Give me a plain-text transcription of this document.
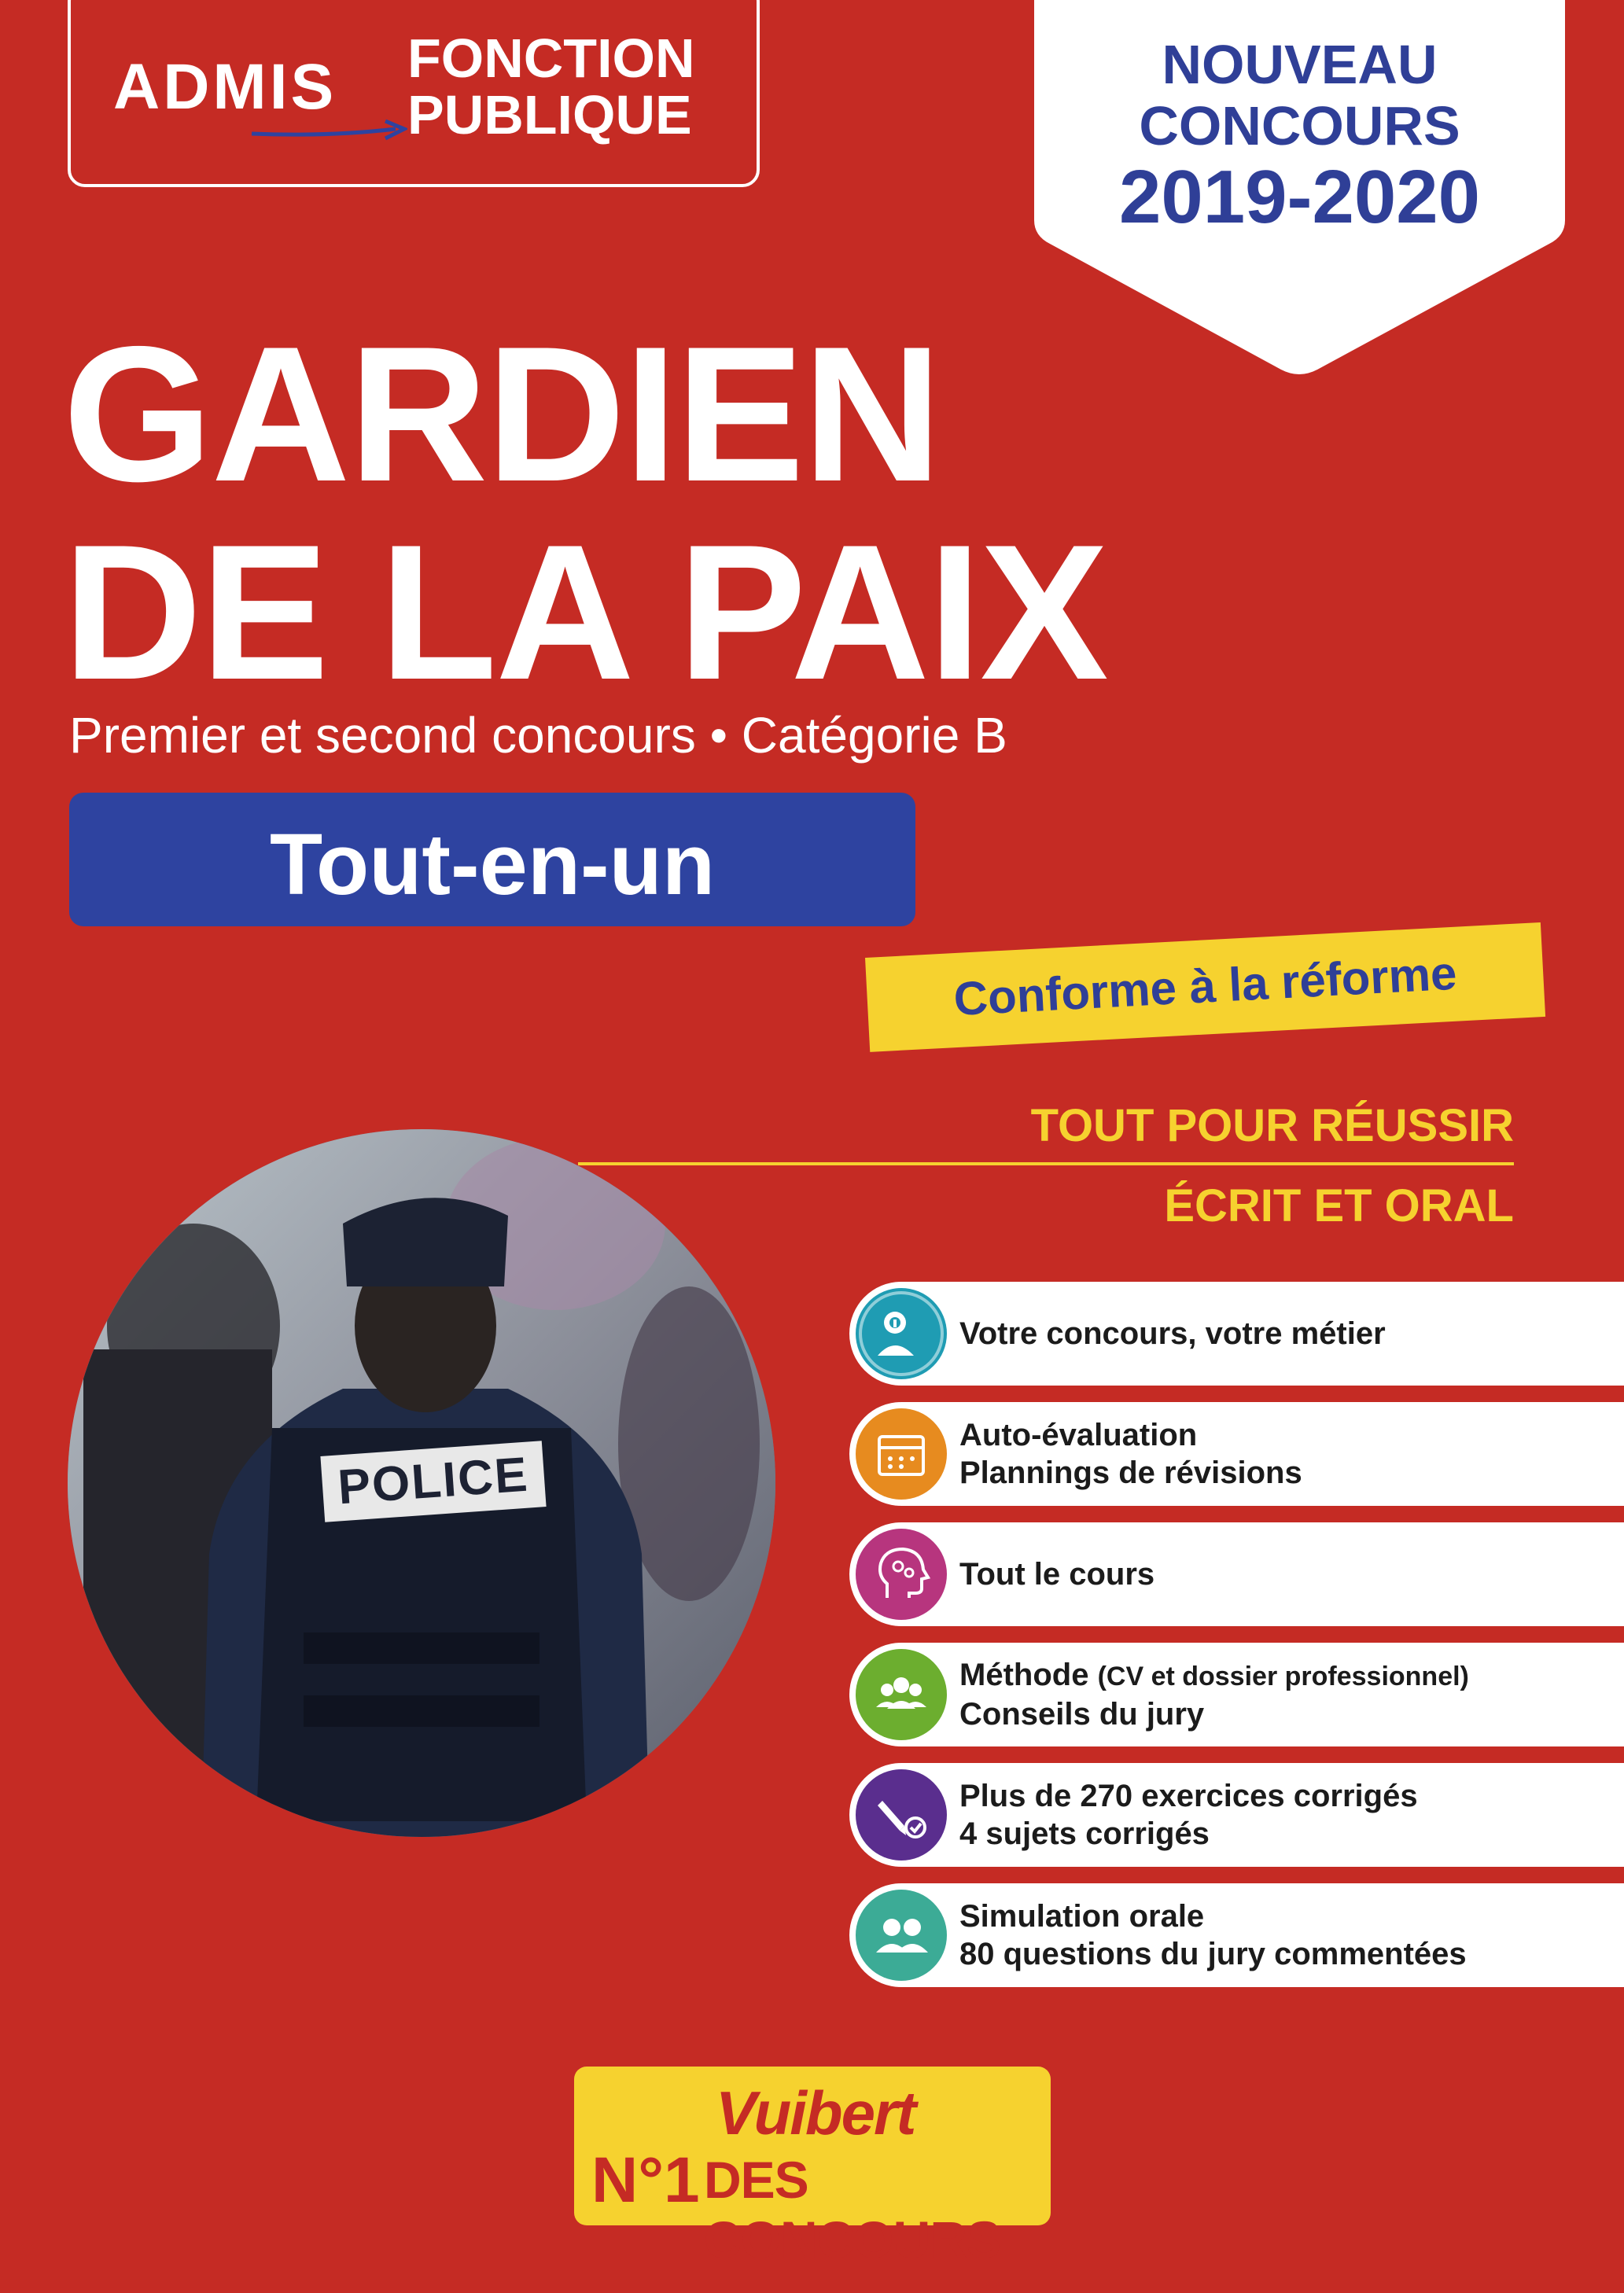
ADMIS FONCTION
PUBLIQUE
NOUVEAU
CONCOURS
2019-2020
GARDIEN
DE LA PAIX
Premier et second concours • Catégorie B
Tout-en-un
Conforme à la réforme
TOUT POUR RÉUSSIR
ÉCRIT ET ORAL
POLICE
Votre concours, votre métier
Auto-évaluation
Plannings de révisions
Tout le cours
Méthode (CV et dossier professionnel)
Conseils du jury
Plus de 270 exercices corrigés
4 sujets corrigés
Simulation orale
80 questions du jury commentées
Vuibert
N°1 DES CONCOURS
